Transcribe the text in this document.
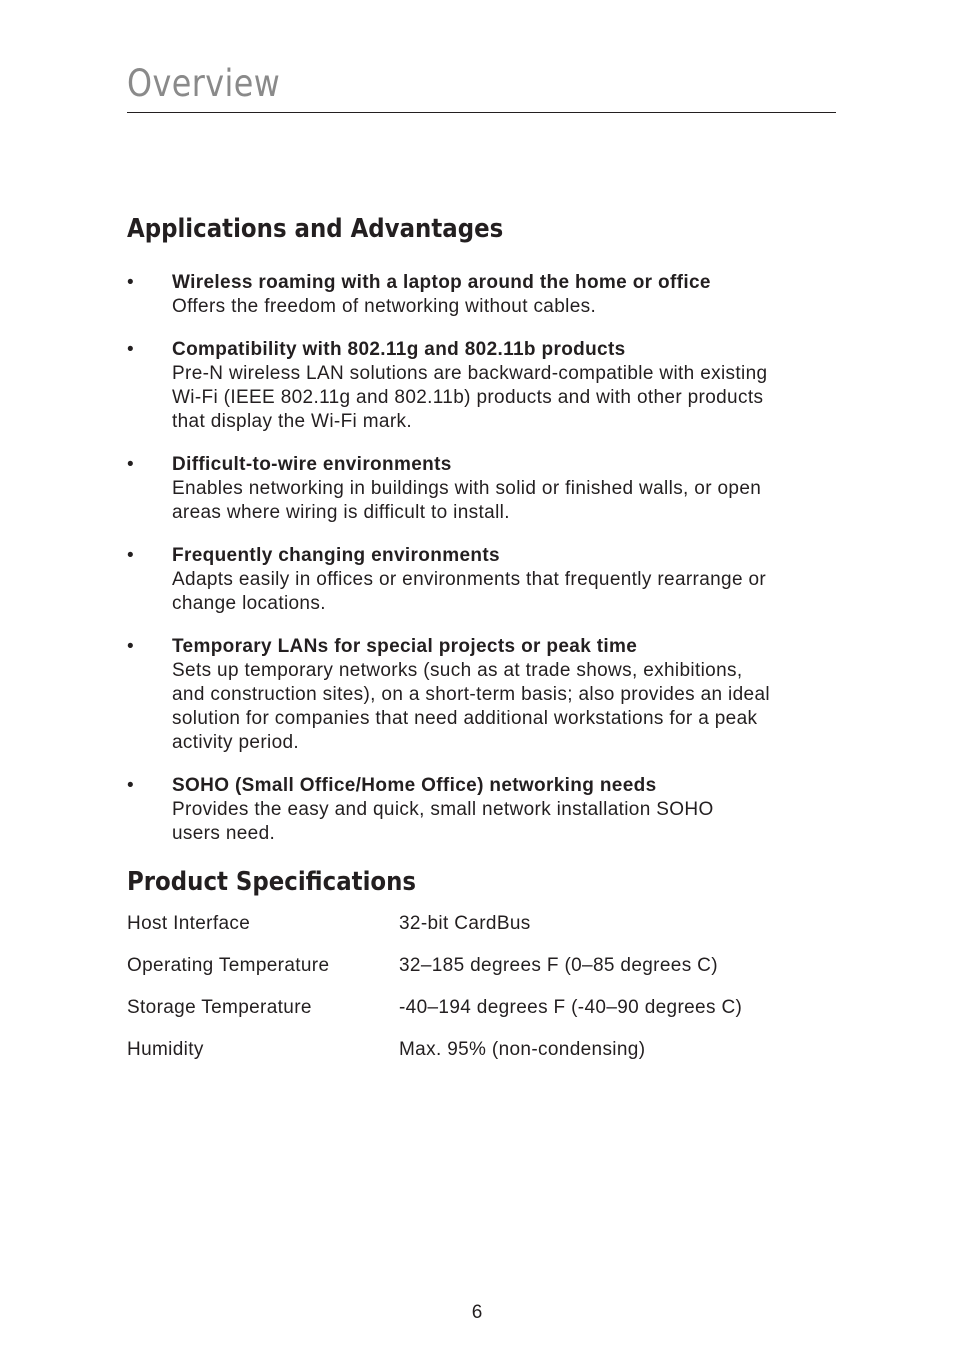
Overview
Applications and Advantages
• Wireless roaming with a laptop around the home or office
Offers the freedom of networking without cables.
• Compatibility with 802.11g and 802.11b products
Pre-N wireless LAN solutions are backward-compatible with existing
Wi-Fi (IEEE 802.11g and 802.11b) products and with other products
that display the Wi-Fi mark.
• Difficult-to-wire environments
Enables networking in buildings with solid or finished walls, or open
areas where wiring is difficult to install.
• Frequently changing environments
Adapts easily in offices or environments that frequently rearrange or
change locations.
• Temporary LANs for special projects or peak time
Sets up temporary networks (such as at trade shows, exhibitions,
and construction sites), on a short-term basis; also provides an ideal
solution for companies that need additional workstations for a peak
activity period.
• SOHO (Small Office/Home Office) networking needs
Provides the easy and quick, small network installation SOHO
users need.
Product Specifications
Host Interface	32-bit CardBus
Operating Temperature	32–185 degrees F (0–85 degrees C)
Storage Temperature	-40–194 degrees F (-40–90 degrees C)
Humidity	Max. 95% (non-condensing)
6
